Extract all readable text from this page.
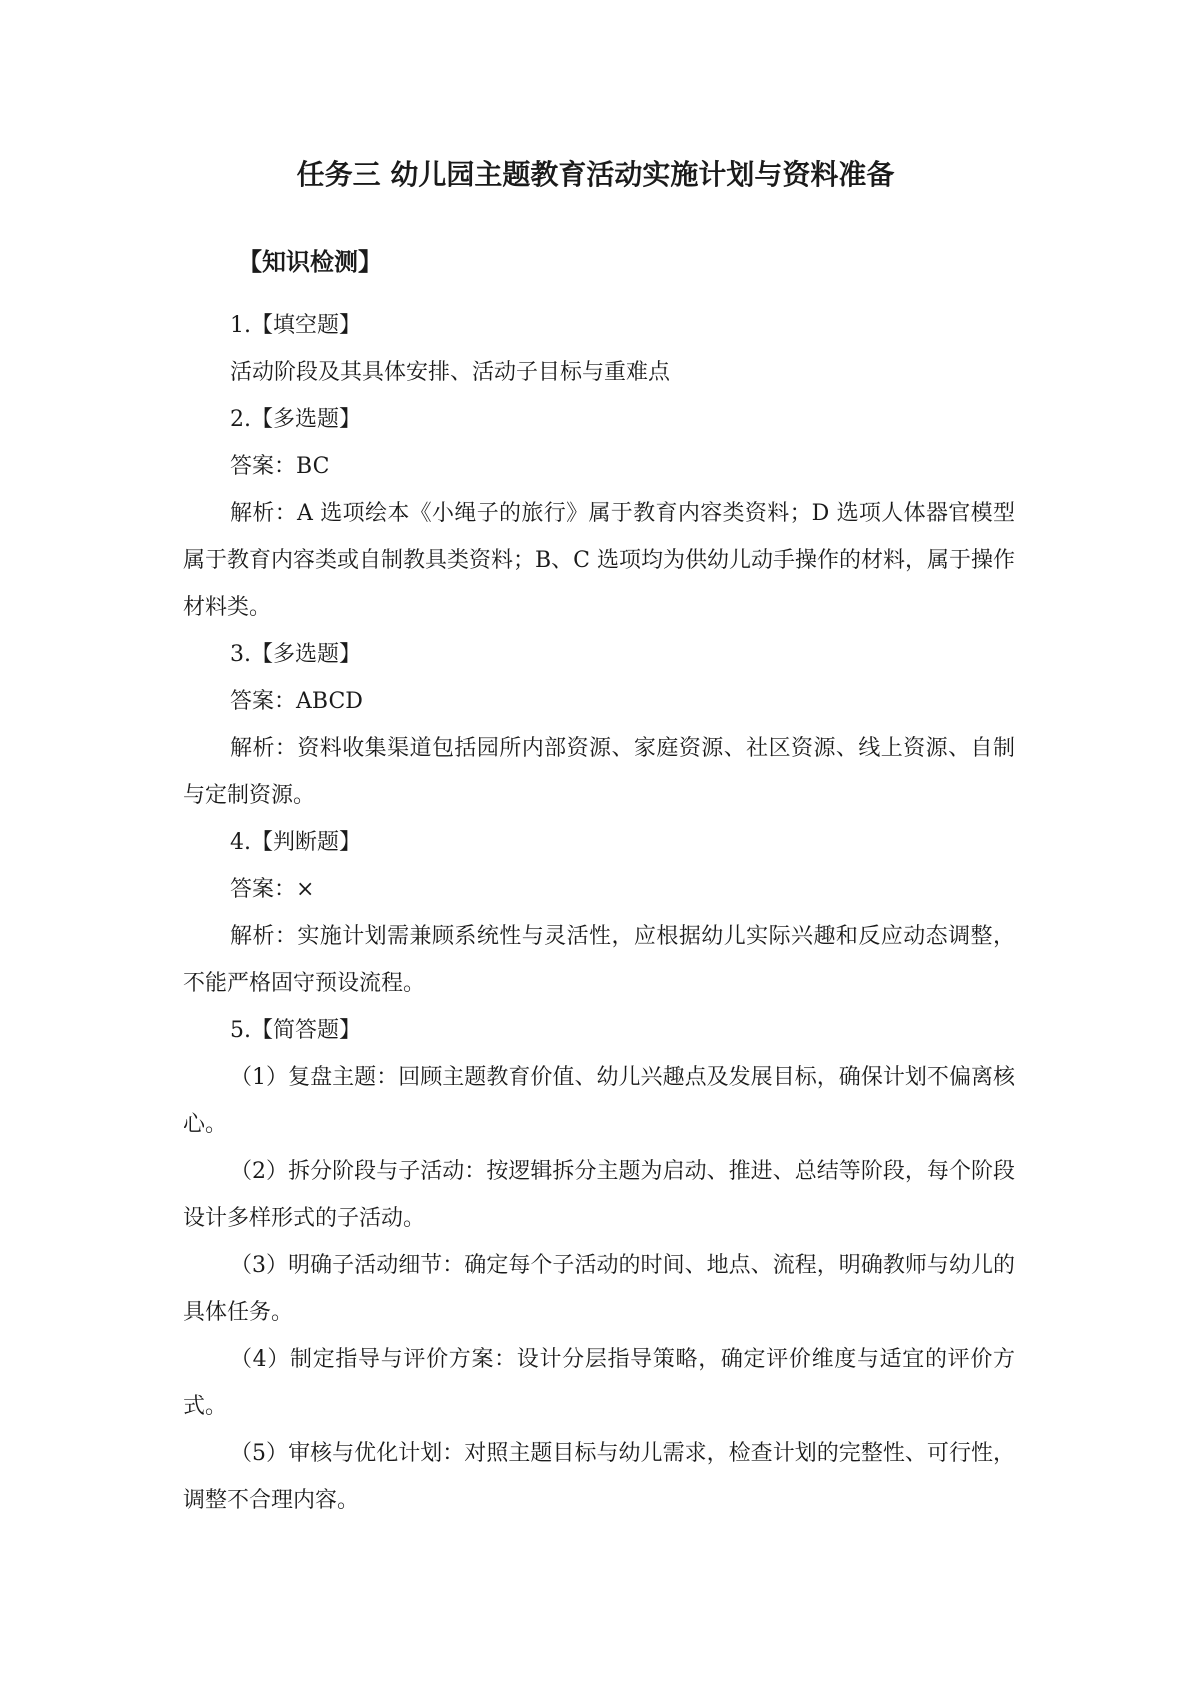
任务三 幼儿园主题教育活动实施计划与资料准备
【知识检测】

1.【填空题】

活动阶段及其具体安排、活动子目标与重难点

2.【多选题】

答案：BC

解析：A 选项绘本《小绳子的旅行》属于教育内容类资料；D 选项人体器官模型属于教育内容类或自制教具类资料；B、C 选项均为供幼儿动手操作的材料，属于操作材料类。

3.【多选题】

答案：ABCD

解析：资料收集渠道包括园所内部资源、家庭资源、社区资源、线上资源、自制与定制资源。

4.【判断题】

答案：×

解析：实施计划需兼顾系统性与灵活性，应根据幼儿实际兴趣和反应动态调整，不能严格固守预设流程。

5.【简答题】

（1）复盘主题：回顾主题教育价值、幼儿兴趣点及发展目标，确保计划不偏离核心。

（2）拆分阶段与子活动：按逻辑拆分主题为启动、推进、总结等阶段，每个阶段设计多样形式的子活动。

（3）明确子活动细节：确定每个子活动的时间、地点、流程，明确教师与幼儿的具体任务。

（4）制定指导与评价方案：设计分层指导策略，确定评价维度与适宜的评价方式。

（5）审核与优化计划：对照主题目标与幼儿需求，检查计划的完整性、可行性，调整不合理内容。
